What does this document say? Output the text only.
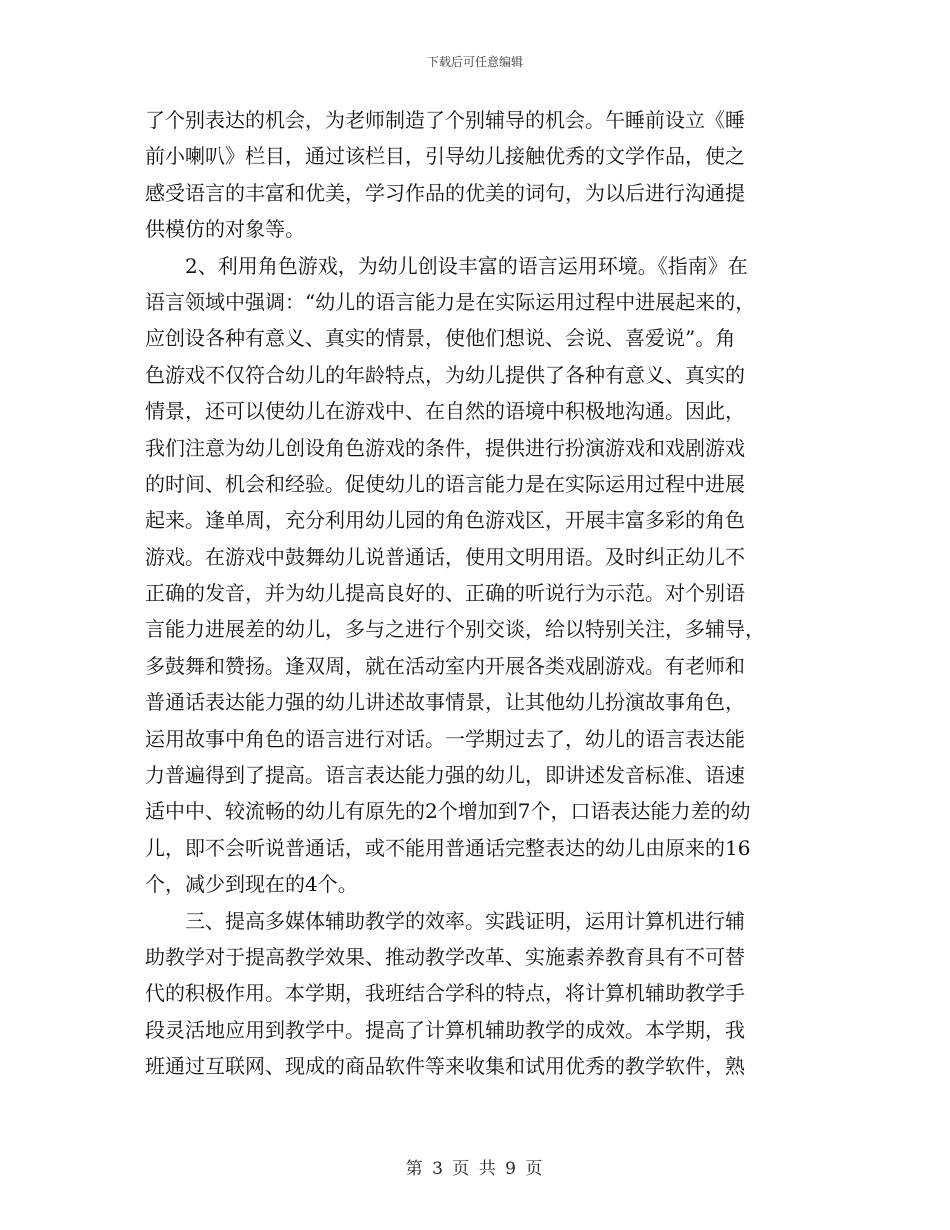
下载后可任意编辑
了个别表达的机会，为老师制造了个别辅导的机会。午睡前设立《睡
前小喇叭》栏目，通过该栏目，引导幼儿接触优秀的文学作品，使之
感受语言的丰富和优美，学习作品的优美的词句，为以后进行沟通提
供模仿的对象等。
　　2、利用角色游戏，为幼儿创设丰富的语言运用环境。《指南》在
语言领域中强调：“幼儿的语言能力是在实际运用过程中进展起来的，
应创设各种有意义、真实的情景，使他们想说、会说、喜爱说”。角
色游戏不仅符合幼儿的年龄特点，为幼儿提供了各种有意义、真实的
情景，还可以使幼儿在游戏中、在自然的语境中积极地沟通。因此，
我们注意为幼儿创设角色游戏的条件，提供进行扮演游戏和戏剧游戏
的时间、机会和经验。促使幼儿的语言能力是在实际运用过程中进展
起来。逢单周，充分利用幼儿园的角色游戏区，开展丰富多彩的角色
游戏。在游戏中鼓舞幼儿说普通话，使用文明用语。及时纠正幼儿不
正确的发音，并为幼儿提高良好的、正确的听说行为示范。对个别语
言能力进展差的幼儿，多与之进行个别交谈，给以特别关注，多辅导，
多鼓舞和赞扬。逢双周，就在活动室内开展各类戏剧游戏。有老师和
普通话表达能力强的幼儿讲述故事情景，让其他幼儿扮演故事角色，
运用故事中角色的语言进行对话。一学期过去了，幼儿的语言表达能
力普遍得到了提高。语言表达能力强的幼儿，即讲述发音标准、语速
适中中、较流畅的幼儿有原先的2个增加到7个，口语表达能力差的幼
儿，即不会听说普通话，或不能用普通话完整表达的幼儿由原来的16
个，减少到现在的4个。
　　三、提高多媒体辅助教学的效率。实践证明，运用计算机进行辅
助教学对于提高教学效果、推动教学改革、实施素养教育具有不可替
代的积极作用。本学期，我班结合学科的特点，将计算机辅助教学手
段灵活地应用到教学中。提高了计算机辅助教学的成效。本学期，我
班通过互联网、现成的商品软件等来收集和试用优秀的教学软件，熟
第 3 页 共 9 页
